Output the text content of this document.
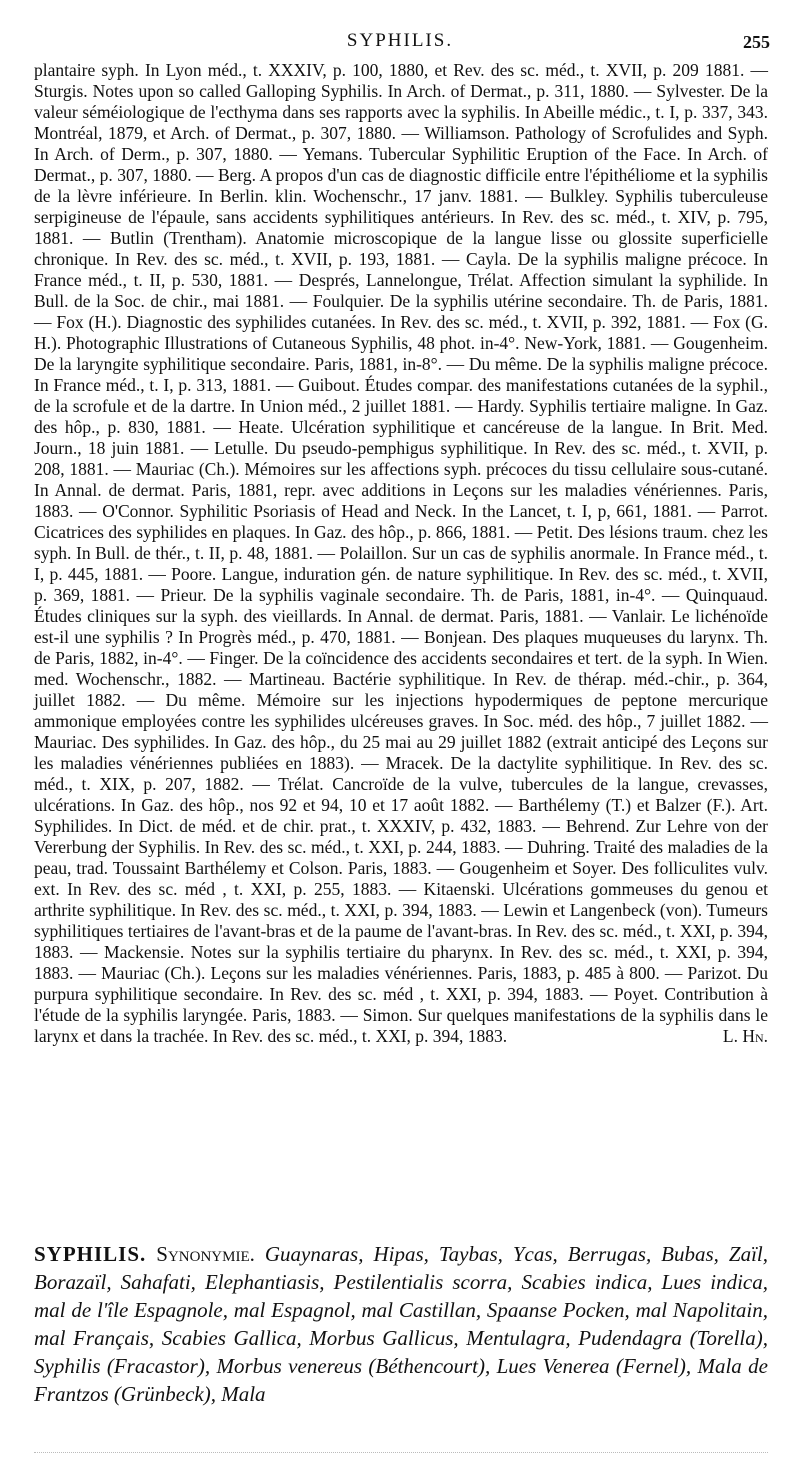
SYPHILIS.	255

plantaire syph. In Lyon méd., t. XXXIV, p. 100, 1880, et Rev. des sc. méd., t. XVII, p. 209 1881. — Sturgis. Notes upon so called Galloping Syphilis. In Arch. of Dermat., p. 311, 1880. — Sylvester. De la valeur séméiologique de l'ecthyma dans ses rapports avec la syphilis. In Abeille médic., t. I, p. 337, 343. Montréal, 1879, et Arch. of Dermat., p. 307, 1880. — Williamson. Pathology of Scrofulides and Syph. In Arch. of Derm., p. 307, 1880. — Yemans. Tubercular Syphilitic Eruption of the Face. In Arch. of Dermat., p. 307, 1880. — Berg. A propos d'un cas de diagnostic difficile entre l'épithéliome et la syphilis de la lèvre inférieure. In Berlin. klin. Wochenschr., 17 janv. 1881. — Bulkley. Syphilis tuberculeuse serpigineuse de l'épaule, sans accidents syphilitiques antérieurs. In Rev. des sc. méd., t. XIV, p. 795, 1881. — Butlin (Trentham). Anatomie microscopique de la langue lisse ou glossite superficielle chronique. In Rev. des sc. méd., t. XVII, p. 193, 1881. — Cayla. De la syphilis maligne précoce. In France méd., t. II, p. 530, 1881. — Després, Lannelongue, Trélat. Affection simulant la syphilide. In Bull. de la Soc. de chir., mai 1881. — Foulquier. De la syphilis utérine secondaire. Th. de Paris, 1881. — Fox (H.). Diagnostic des syphilides cutanées. In Rev. des sc. méd., t. XVII, p. 392, 1881. — Fox (G. H.). Photographic Illustrations of Cutaneous Syphilis, 48 phot. in-4°. New-York, 1881. — Gougenheim. De la laryngite syphilitique secondaire. Paris, 1881, in-8°. — Du même. De la syphilis maligne précoce. In France méd., t. I, p. 313, 1881. — Guibout. Études compar. des manifestations cutanées de la syphil., de la scrofule et de la dartre. In Union méd., 2 juillet 1881. — Hardy. Syphilis tertiaire maligne. In Gaz. des hôp., p. 830, 1881. — Heate. Ulcération syphilitique et cancéreuse de la langue. In Brit. Med. Journ., 18 juin 1881. — Letulle. Du pseudo-pemphigus syphilitique. In Rev. des sc. méd., t. XVII, p. 208, 1881. — Mauriac (Ch.). Mémoires sur les affections syph. précoces du tissu cellulaire sous-cutané. In Annal. de dermat. Paris, 1881, repr. avec additions in Leçons sur les maladies vénériennes. Paris, 1883. — O'Connor. Syphilitic Psoriasis of Head and Neck. In the Lancet, t. I, p, 661, 1881. — Parrot. Cicatrices des syphilides en plaques. In Gaz. des hôp., p. 866, 1881. — Petit. Des lésions traum. chez les syph. In Bull. de thér., t. II, p. 48, 1881. — Polaillon. Sur un cas de syphilis anormale. In France méd., t. I, p. 445, 1881. — Poore. Langue, induration gén. de nature syphilitique. In Rev. des sc. méd., t. XVII, p. 369, 1881. — Prieur. De la syphilis vaginale secondaire. Th. de Paris, 1881, in-4°. — Quinquaud. Études cliniques sur la syph. des vieillards. In Annal. de dermat. Paris, 1881. — Vanlair. Le lichénoïde est-il une syphilis ? In Progrès méd., p. 470, 1881. — Bonjean. Des plaques muqueuses du larynx. Th. de Paris, 1882, in-4°. — Finger. De la coïncidence des accidents secondaires et tert. de la syph. In Wien. med. Wochenschr., 1882. — Martineau. Bactérie syphilitique. In Rev. de thérap. méd.-chir., p. 364, juillet 1882. — Du même. Mémoire sur les injections hypodermiques de peptone mercurique ammonique employées contre les syphilides ulcéreuses graves. In Soc. méd. des hôp., 7 juillet 1882. — Mauriac. Des syphilides. In Gaz. des hôp., du 25 mai au 29 juillet 1882 (extrait anticipé des Leçons sur les maladies vénériennes publiées en 1883). — Mracek. De la dactylite syphilitique. In Rev. des sc. méd., t. XIX, p. 207, 1882. — Trélat. Cancroïde de la vulve, tubercules de la langue, crevasses, ulcérations. In Gaz. des hôp., nos 92 et 94, 10 et 17 août 1882. — Barthélemy (T.) et Balzer (F.). Art. Syphilides. In Dict. de méd. et de chir. prat., t. XXXIV, p. 432, 1883. — Behrend. Zur Lehre von der Vererbung der Syphilis. In Rev. des sc. méd., t. XXI, p. 244, 1883. — Duhring. Traité des maladies de la peau, trad. Toussaint Barthélemy et Colson. Paris, 1883. — Gougenheim et Soyer. Des folliculites vulv. ext. In Rev. des sc. méd , t. XXI, p. 255, 1883. — Kitaenski. Ulcérations gommeuses du genou et arthrite syphilitique. In Rev. des sc. méd., t. XXI, p. 394, 1883. — Lewin et Langenbeck (von). Tumeurs syphilitiques tertiaires de l'avant-bras et de la paume de l'avant-bras. In Rev. des sc. méd., t. XXI, p. 394, 1883. — Mackensie. Notes sur la syphilis tertiaire du pharynx. In Rev. des sc. méd., t. XXI, p. 394, 1883. — Mauriac (Ch.). Leçons sur les maladies vénériennes. Paris, 1883, p. 485 à 800. — Parizot. Du purpura syphilitique secondaire. In Rev. des sc. méd , t. XXI, p. 394, 1883. — Poyet. Contribution à l'étude de la syphilis laryngée. Paris, 1883. — Simon. Sur quelques manifestations de la syphilis dans le larynx et dans la trachée. In Rev. des sc. méd., t. XXI, p. 394, 1883.	L. Hn.

SYPHILIS. Synonymie. Guaynaras, Hipas, Taybas, Ycas, Berrugas, Bubas, Zaïl, Borazaïl, Sahafati, Elephantiasis, Pestilentialis scorra, Scabies indica, Lues indica, mal de l'île Espagnole, mal Espagnol, mal Castillan, Spaanse Pocken, mal Napolitain, mal Français, Scabies Gallica, Morbus Gallicus, Mentulagra, Pudendagra (Torella), Syphilis (Fracastor), Morbus venereus (Béthencourt), Lues Venerea (Fernel), Mala de Frantzos (Grünbeck), Mala
